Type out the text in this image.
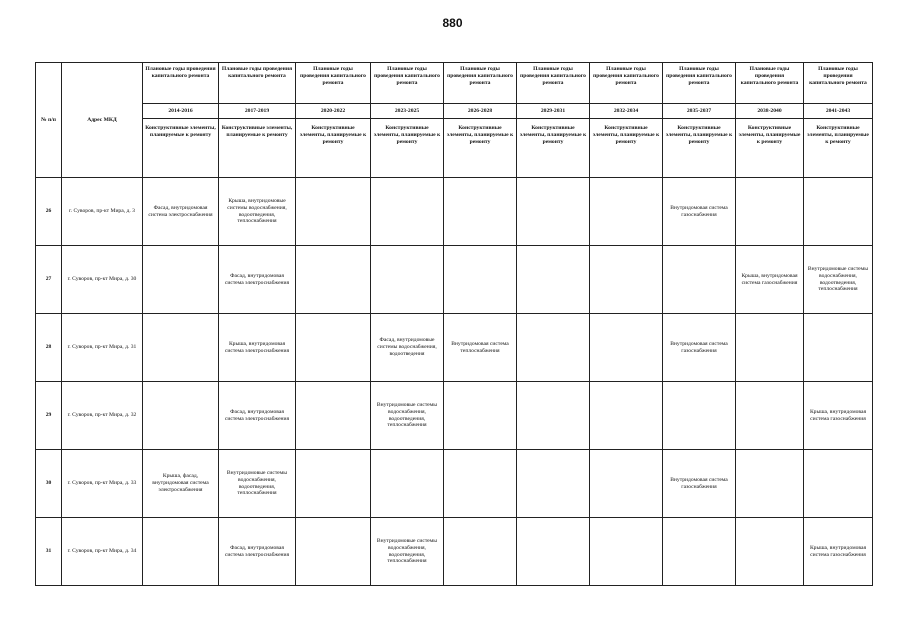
880
№ п/п	Адрес МКД	Плановые годы проведения капитального ремонта	Плановые годы проведения капитального ремонта	Плановые годы проведения капитального ремонта	Плановые годы проведения капитального ремонта	Плановые годы проведения капитального ремонта	Плановые годы проведения капитального ремонта	Плановые годы проведения капитального ремонта	Плановые годы проведения капитального ремонта	Плановые годы проведения капитального ремонта	Плановые годы проведения капитального ремонта
		2014-2016	2017-2019	2020-2022	2023-2025	2026-2028	2029-2031	2032-2034	2035-2037	2038-2040	2041-2043
		Конструктивные элементы, планируемые к ремонту	Конструктивные элементы, планируемые к ремонту	Конструктивные элементы, планируемые к ремонту	Конструктивные элементы, планируемые к ремонту	Конструктивные элементы, планируемые к ремонту	Конструктивные элементы, планируемые к ремонту	Конструктивные элементы, планируемые к ремонту	Конструктивные элементы, планируемые к ремонту	Конструктивные элементы, планируемые к ремонту	Конструктивные элементы, планируемые к ремонту
26	г. Суворов, пр-кт Мира, д. 3	Фасад, внутридомовая система электроснабжения	Крыша, внутридомовые системы водоснабжения, водоотведения, теплоснабжения						Внутридомовая система газоснабжения		
27	г. Суворов, пр-кт Мира, д. 30		Фасад, внутридомовая система электроснабжения							Крыша, внутридомовая система газоснабжения	Внутридомовые системы водоснабжения, водоотведения, теплоснабжения
28	г. Суворов, пр-кт Мира, д. 31		Крыша, внутридомовая система электроснабжения		Фасад, внутридомовые системы водоснабжения, водоотведения	Внутридомовая система теплоснабжения			Внутридомовая система газоснабжения		
29	г. Суворов, пр-кт Мира, д. 32		Фасад, внутридомовая система электроснабжения		Внутридомовые системы водоснабжения, водоотведения, теплоснабжения						Крыша, внутридомовая система газоснабжения
30	г. Суворов, пр-кт Мира, д. 33	Крыша, фасад, внутридомовая система электроснабжения	Внутридомовые системы водоснабжения, водоотведения, теплоснабжения						Внутридомовая система газоснабжения		
31	г. Суворов, пр-кт Мира, д. 34		Фасад, внутридомовая система электроснабжения		Внутридомовые системы водоснабжения, водоотведения, теплоснабжения						Крыша, внутридомовая система газоснабжения
